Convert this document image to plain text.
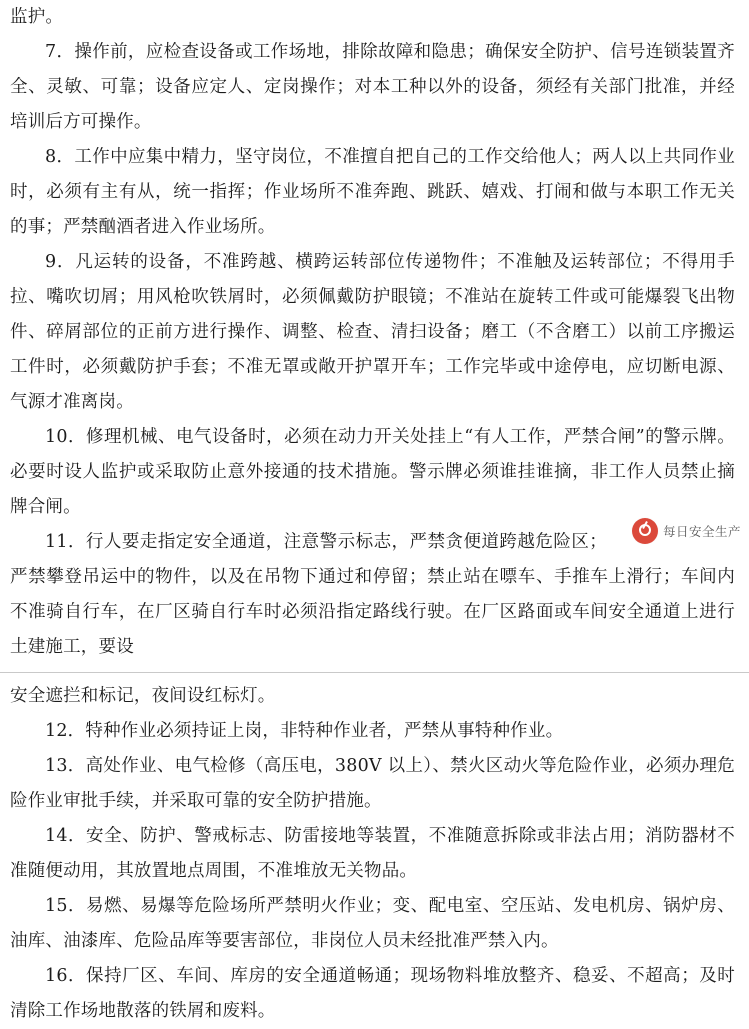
监护。

7．操作前，应检查设备或工作场地，排除故障和隐患；确保安全防护、信号连锁装置齐全、灵敏、可靠；设备应定人、定岗操作；对本工种以外的设备，须经有关部门批准，并经培训后方可操作。

8．工作中应集中精力，坚守岗位，不准擅自把自己的工作交给他人；两人以上共同作业时，必须有主有从，统一指挥；作业场所不准奔跑、跳跃、嬉戏、打闹和做与本职工作无关的事；严禁酗酒者进入作业场所。

9．凡运转的设备，不准跨越、横跨运转部位传递物件；不准触及运转部位；不得用手拉、嘴吹切屑；用风枪吹铁屑时，必须佩戴防护眼镜；不准站在旋转工件或可能爆裂飞出物件、碎屑部位的正前方进行操作、调整、检查、清扫设备；磨工（不含磨工）以前工序搬运工件时，必须戴防护手套；不准无罩或敞开护罩开车；工作完毕或中途停电，应切断电源、气源才准离岗。

10．修理机械、电气设备时，必须在动力开关处挂上“有人工作，严禁合闸”的警示牌。必要时设人监护或采取防止意外接通的技术措施。警示牌必须谁挂谁摘，非工作人员禁止摘牌合闸。

11．行人要走指定安全通道，注意警示标志，严禁贪便道跨越危险区；严禁攀登吊运中的物件，以及在吊物下通过和停留；禁止站在嘌车、手推车上滑行；车间内不准骑自行车，在厂区骑自行车时必须沿指定路线行驶。在厂区路面或车间安全通道上进行土建施工，要设

每日安全生产

安全遮拦和标记，夜间设红标灯。

12．特种作业必须持证上岗，非特种作业者，严禁从事特种作业。

13．高处作业、电气检修（高压电，380V 以上）、禁火区动火等危险作业，必须办理危险作业审批手续，并采取可靠的安全防护措施。

14．安全、防护、警戒标志、防雷接地等装置，不准随意拆除或非法占用；消防器材不准随便动用，其放置地点周围，不准堆放无关物品。

15．易燃、易爆等危险场所严禁明火作业；变、配电室、空压站、发电机房、锅炉房、油库、油漆库、危险品库等要害部位，非岗位人员未经批准严禁入内。

16．保持厂区、车间、库房的安全通道畅通；现场物料堆放整齐、稳妥、不超高；及时清除工作场地散落的铁屑和废料。
